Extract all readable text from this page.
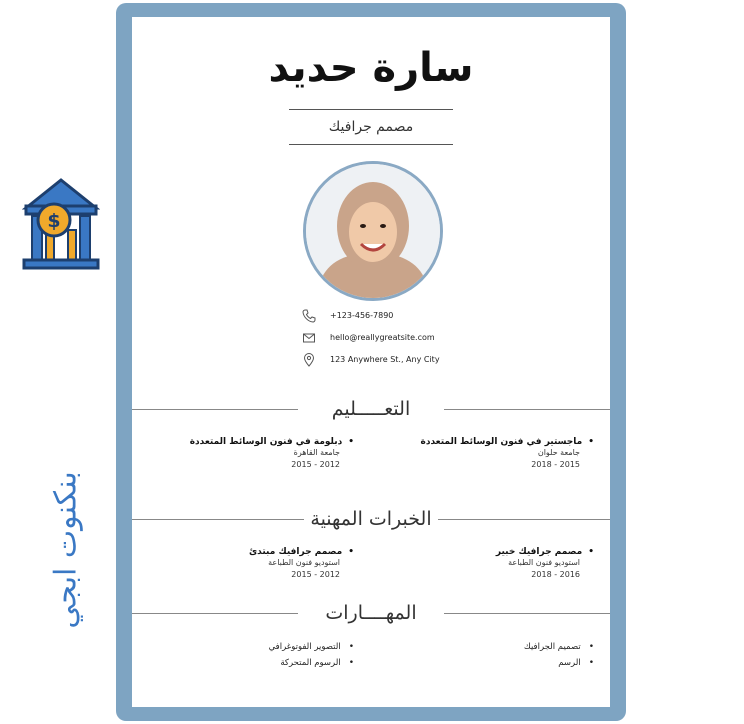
$
بنكنوت ابجي
سارة حديد
مصمم جرافيك
+123-456-7890
hello@reallygreatsite.com
123 Anywhere St., Any City
التعـــــليم
• ماجستير في فنون الوسائط المتعددة
جامعة حلوان
2015 - 2018
• دبلومة في فنون الوسائط المتعددة
جامعة القاهرة
2012 - 2015
الخبرات المهنية
• مصمم جرافيك خبير
استوديو فنون الطباعة
2016 - 2018
• مصمم جرافيك مبتدئ
استوديو فنون الطباعة
2012 - 2015
المهــــارات
• تصميم الجرافيك
• الرسم
• التصوير الفوتوغرافي
• الرسوم المتحركة
